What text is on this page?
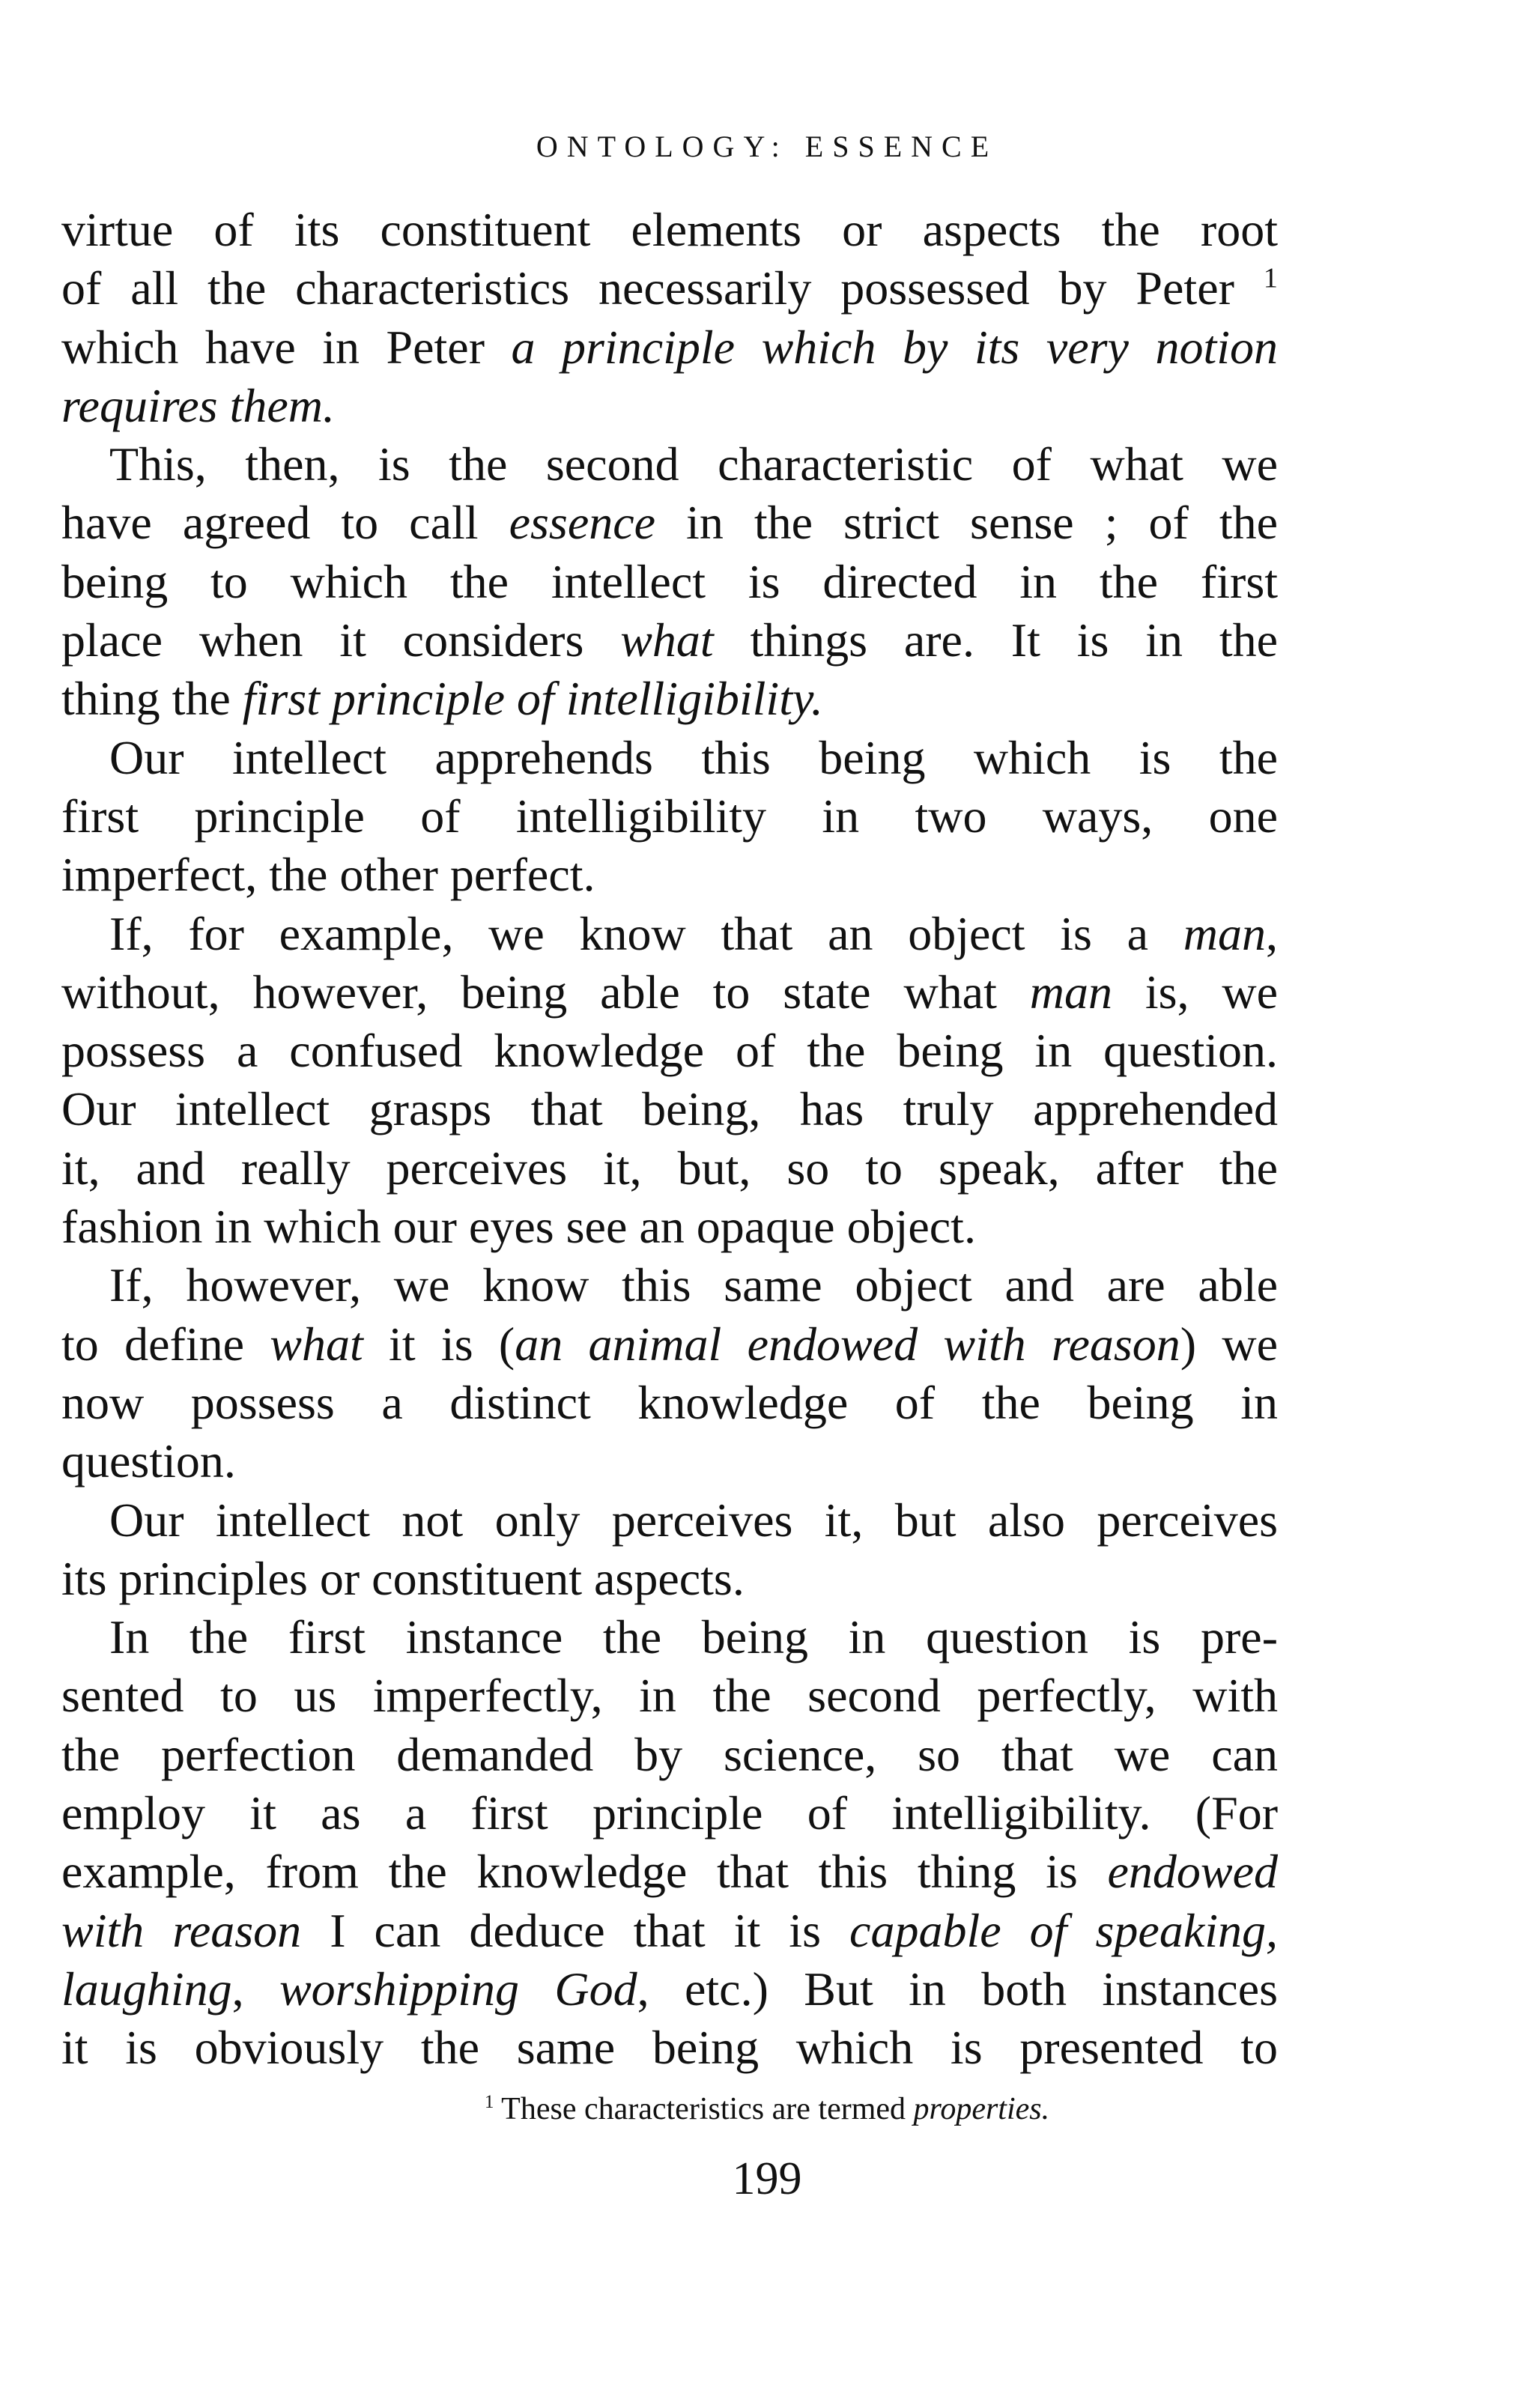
ONTOLOGY: ESSENCE
virtue of its constituent elements or aspects the root
of all the characteristics necessarily possessed by Peter $^1$
which have in Peter a principle which by its very notion
requires them.
This, then, is the second characteristic of what we
have agreed to call essence in the strict sense ; of the
being to which the intellect is directed in the first
place when it considers what things are. It is in the
thing the first principle of intelligibility.
Our intellect apprehends this being which is the
first principle of intelligibility in two ways, one
imperfect, the other perfect.
If, for example, we know that an object is a man,
without, however, being able to state what man is, we
possess a confused knowledge of the being in question.
Our intellect grasps that being, has truly apprehended
it, and really perceives it, but, so to speak, after the
fashion in which our eyes see an opaque object.
If, however, we know this same object and are able
to define what it is (an animal endowed with reason) we
now possess a distinct knowledge of the being in
question.
Our intellect not only perceives it, but also perceives
its principles or constituent aspects.
In the first instance the being in question is pre-
sented to us imperfectly, in the second perfectly, with
the perfection demanded by science, so that we can
employ it as a first principle of intelligibility. (For
example, from the knowledge that this thing is endowed
with reason I can deduce that it is capable of speaking,
laughing, worshipping God, etc.) But in both instances
it is obviously the same being which is presented to
$^1$ These characteristics are termed properties.
199
